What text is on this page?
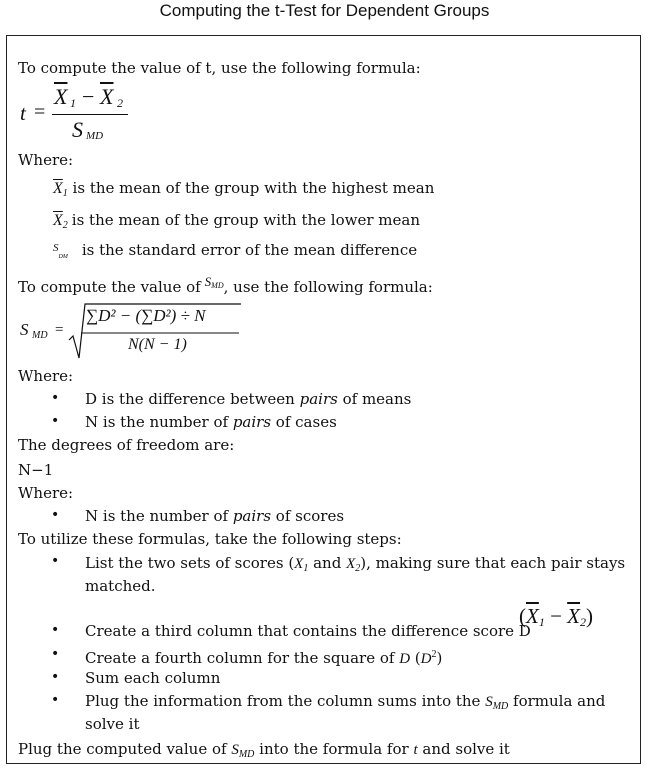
Computing the t-Test for Dependent Groups
To compute the value of t, use the following formula:
t =
$\overline{X}$ $1 - \overline{X}$ 2
S MD
Where:
$\overline{X}_1$ is the mean of the group with the highest mean
$\overline{X}_2$ is the mean of the group with the lower mean
$^S_{DM}$ is the standard error of the mean difference
To compute the value of $^{SMD}$, use the following formula:
S MD =
∑D² − (∑D²) ÷ N
N(N − 1)
Where:
• D is the difference between pairs of means
• N is the number of pairs of cases
The degrees of freedom are:
N−1
Where:
• N is the number of pairs of scores
To utilize these formulas, take the following steps:
• List the two sets of scores ($X_1$ and $X_2$), making sure that each pair stays
matched.
• Create a third column that contains the difference score D
$(\overline{X}_1 - \overline{X}_2)$
• Create a fourth column for the square of D $(D^2)$
• Sum each column
• Plug the information from the column sums into the $S_{MD}$ formula and
solve it
Plug the computed value of $S_{MD}$ into the formula for t and solve it
